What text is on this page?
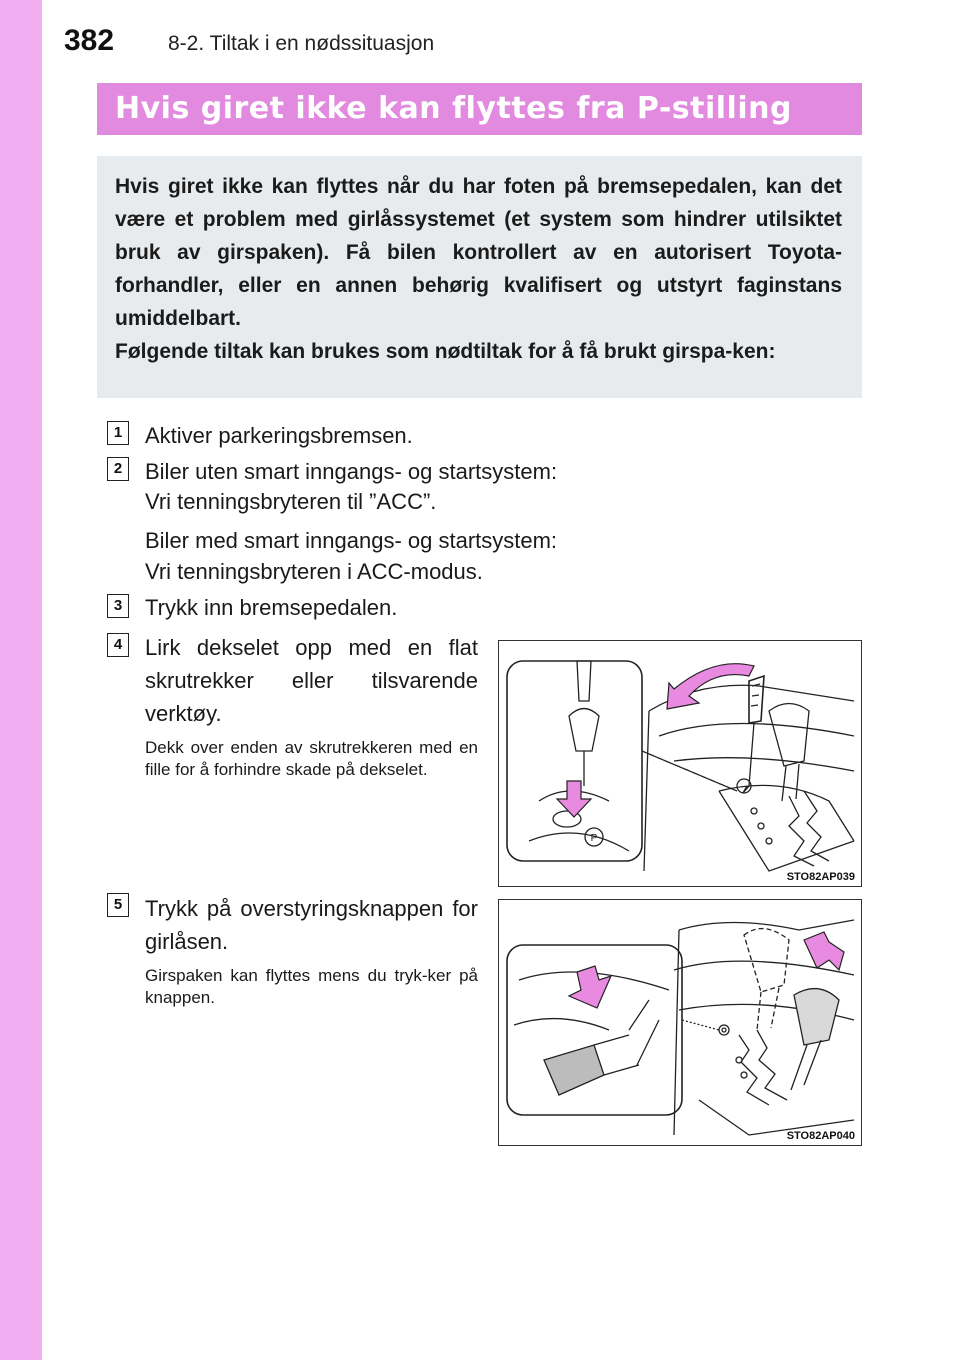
382	8-2. Tiltak i en nødssituasjon
Hvis giret ikke kan flyttes fra P-stilling

Hvis giret ikke kan flyttes når du har foten på bremsepedalen, kan det være et problem med girlåssystemet (et system som hindrer utilsiktet bruk av girspaken). Få bilen kontrollert av en autorisert Toyota-forhandler, eller en annen behørig kvalifisert og utstyrt faginstans umiddelbart.

Følgende tiltak kan brukes som nødtiltak for å få brukt girspa-ken:

1	Aktiver parkeringsbremsen.
2	Biler uten smart inngangs- og startsystem:
Vri tenningsbryteren til ”ACC”.
Biler med smart inngangs- og startsystem:
Vri tenningsbryteren i ACC-modus.
3	Trykk inn bremsepedalen.
4	Lirk dekselet opp med en flat skrutrekker eller tilsvarende verktøy.
Dekk over enden av skrutrekkeren med en fille for å forhindre skade på dekselet.
P
STO82AP039
5	Trykk på overstyringsknappen for girlåsen.
Girspaken kan flyttes mens du tryk-ker på knappen.
STO82AP040
